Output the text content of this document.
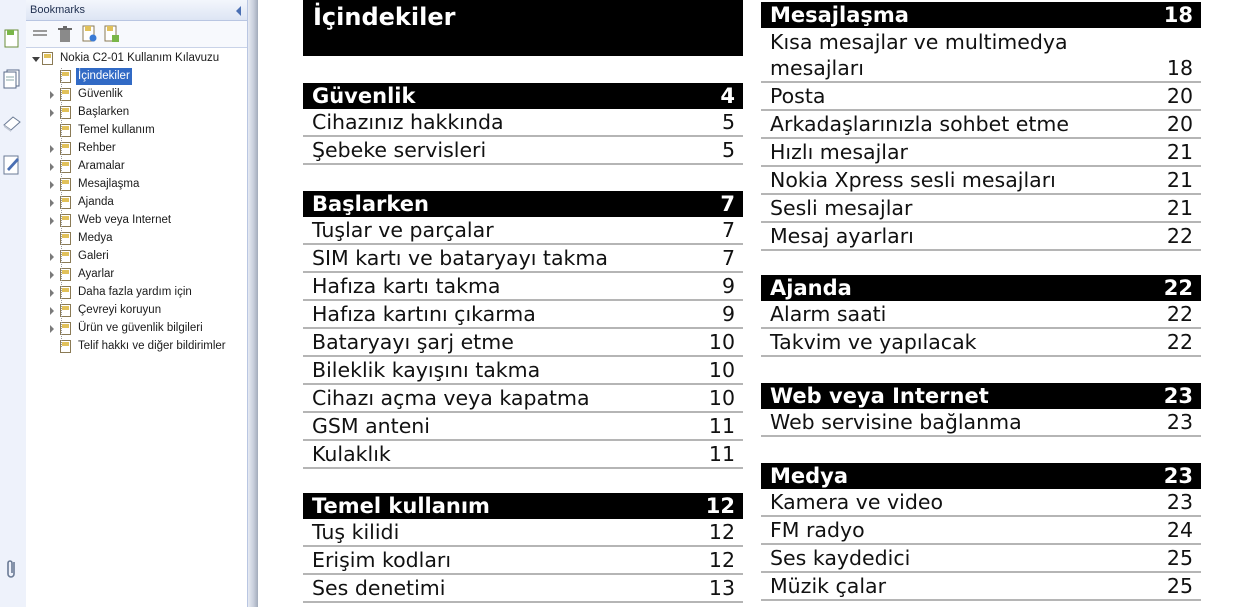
Bookmarks
Nokia C2-01 Kullanım Kılavuzu
İçindekiler
Güvenlik
Başlarken
Temel kullanım
Rehber
Aramalar
Mesajlaşma
Ajanda
Web veya Internet
Medya
Galeri
Ayarlar
Daha fazla yardım için
Çevreyi koruyun
Ürün ve güvenlik bilgileri
Telif hakkı ve diğer bildirimler
İçindekiler
Güvenlik	4
Cihazınız hakkında	5
Şebeke servisleri	5
Başlarken	7
Tuşlar ve parçalar	7
SIM kartı ve bataryayı takma	7
Hafıza kartı takma	9
Hafıza kartını çıkarma	9
Bataryayı şarj etme	10
Bileklik kayışını takma	10
Cihazı açma veya kapatma	10
GSM anteni	11
Kulaklık	11
Temel kullanım	12
Tuş kilidi	12
Erişim kodları	12
Ses denetimi	13
Mesajlaşma	18
Kısa mesajlar ve multimedya mesajları	18
Posta	20
Arkadaşlarınızla sohbet etme	20
Hızlı mesajlar	21
Nokia Xpress sesli mesajları	21
Sesli mesajlar	21
Mesaj ayarları	22
Ajanda	22
Alarm saati	22
Takvim ve yapılacak	22
Web veya Internet	23
Web servisine bağlanma	23
Medya	23
Kamera ve video	23
FM radyo	24
Ses kaydedici	25
Müzik çalar	25
